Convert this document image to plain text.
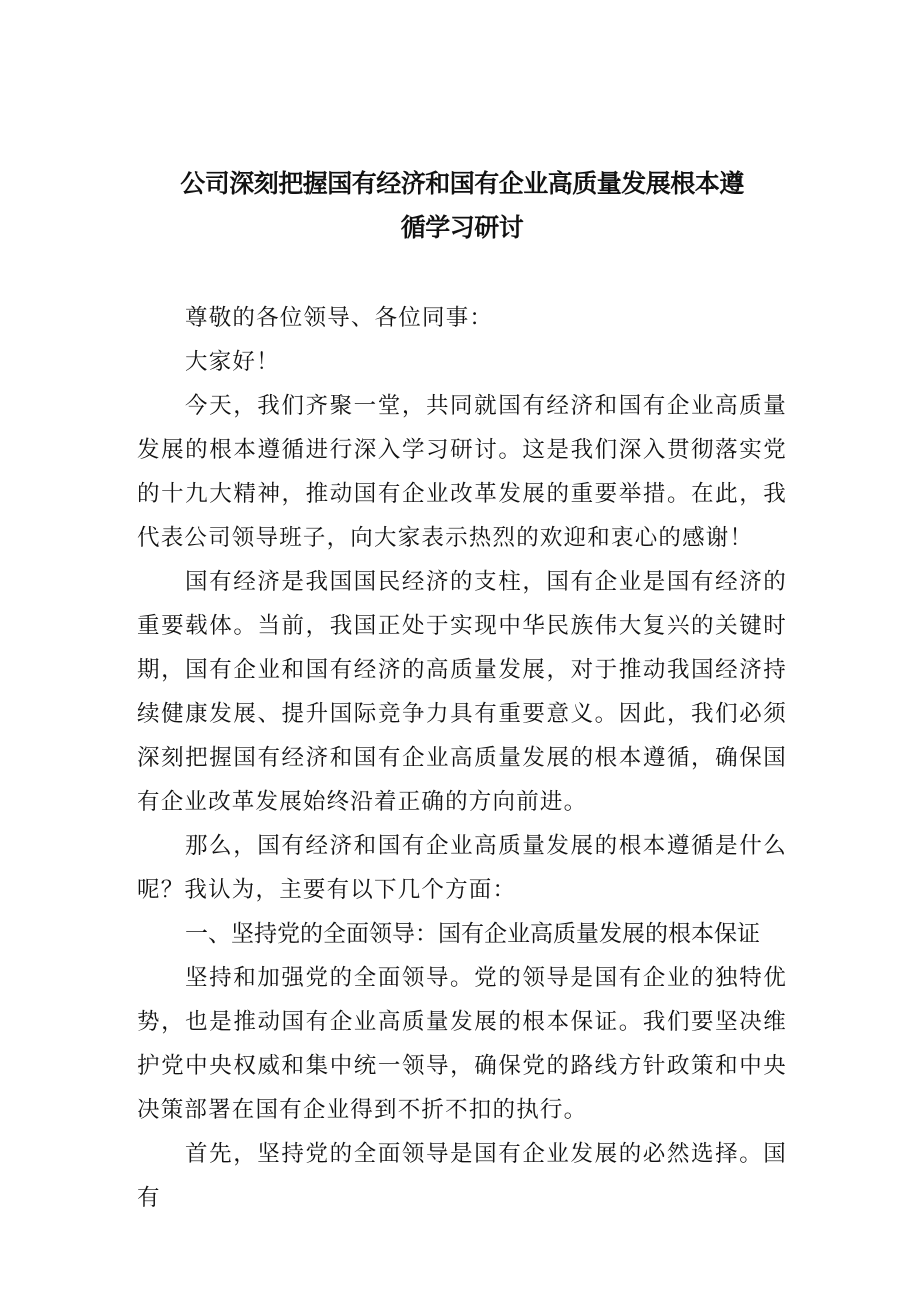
公司深刻把握国有经济和国有企业高质量发展根本遵
循学习研讨

尊敬的各位领导、各位同事：

大家好！

今天，我们齐聚一堂，共同就国有经济和国有企业高质量发展的根本遵循进行深入学习研讨。这是我们深入贯彻落实党的十九大精神，推动国有企业改革发展的重要举措。在此，我代表公司领导班子，向大家表示热烈的欢迎和衷心的感谢！

国有经济是我国国民经济的支柱，国有企业是国有经济的重要载体。当前，我国正处于实现中华民族伟大复兴的关键时期，国有企业和国有经济的高质量发展，对于推动我国经济持续健康发展、提升国际竞争力具有重要意义。因此，我们必须深刻把握国有经济和国有企业高质量发展的根本遵循，确保国有企业改革发展始终沿着正确的方向前进。

那么，国有经济和国有企业高质量发展的根本遵循是什么呢？我认为，主要有以下几个方面：

一、坚持党的全面领导：国有企业高质量发展的根本保证

坚持和加强党的全面领导。党的领导是国有企业的独特优势，也是推动国有企业高质量发展的根本保证。我们要坚决维护党中央权威和集中统一领导，确保党的路线方针政策和中央决策部署在国有企业得到不折不扣的执行。

首先，坚持党的全面领导是国有企业发展的必然选择。国有
